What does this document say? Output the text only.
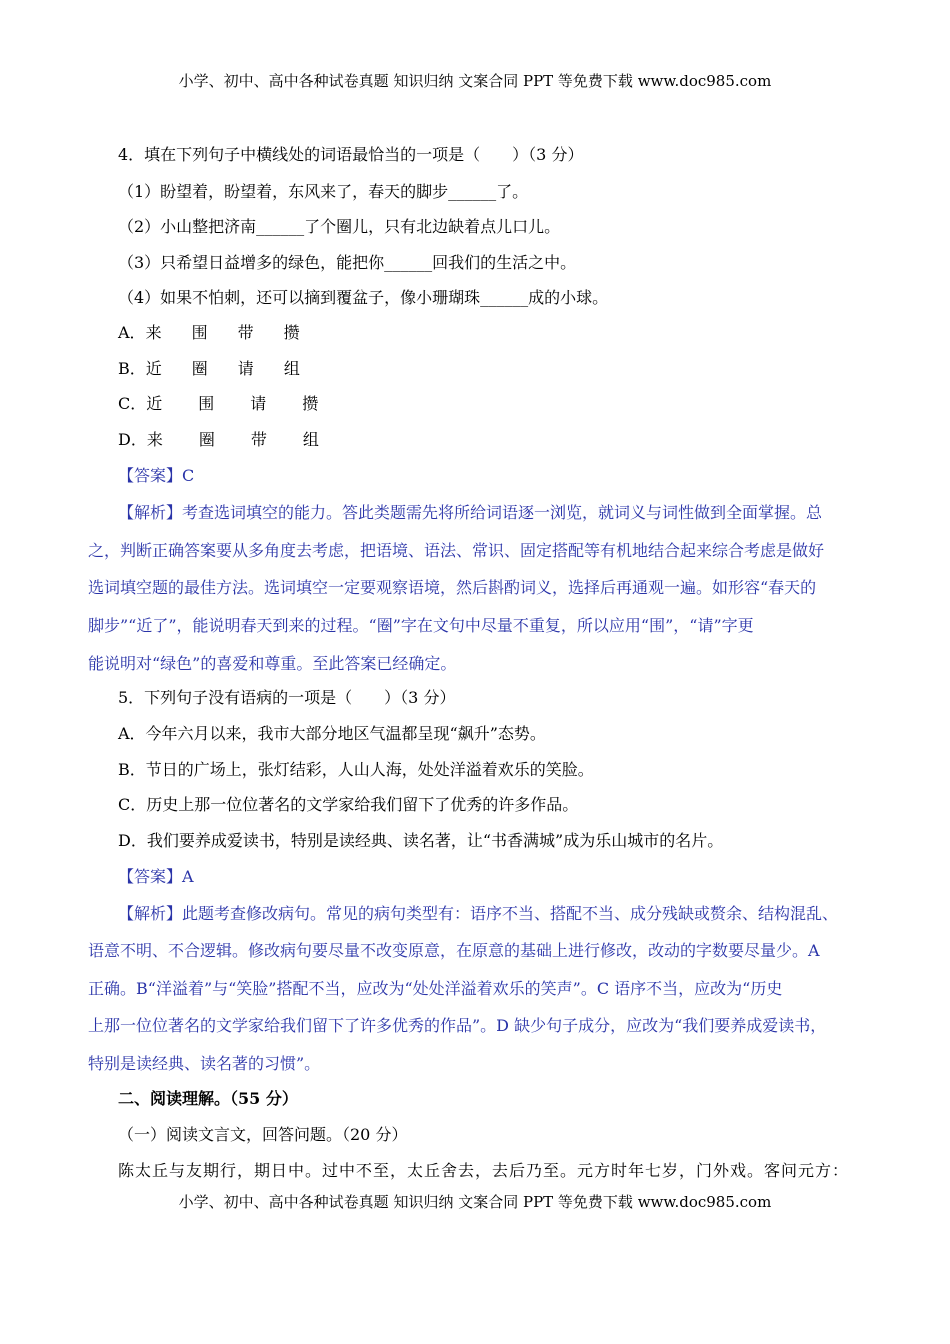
小学、初中、高中各种试卷真题 知识归纳 文案合同 PPT 等免费下载 www.doc985.com
4．填在下列句子中横线处的词语最恰当的一项是（　　）（3 分）
（1）盼望着，盼望着，东风来了，春天的脚步______了。
（2）小山整把济南______了个圈儿，只有北边缺着点儿口儿。
（3）只希望日益增多的绿色，能把你______回我们的生活之中。
（4）如果不怕刺，还可以摘到覆盆子，像小珊瑚珠______成的小球。
A．来 围 带 攒
B．近 圈 请 组
C．近 围 请 攒
D．来 圈 带 组
【答案】C
【解析】考查选词填空的能力。答此类题需先将所给词语逐一浏览，就词义与词性做到全面掌握。总
之，判断正确答案要从多角度去考虑，把语境、语法、常识、固定搭配等有机地结合起来综合考虑是做好
选词填空题的最佳方法。选词填空一定要观察语境，然后斟酌词义，选择后再通观一遍。如形容“春天的
脚步”“近了”，能说明春天到来的过程。“圈”字在文句中尽量不重复，所以应用“围”，“请”字更
能说明对“绿色”的喜爱和尊重。至此答案已经确定。
5．下列句子没有语病的一项是（　　）（3 分）
A．今年六月以来，我市大部分地区气温都呈现“飙升”态势。
B．节日的广场上，张灯结彩，人山人海，处处洋溢着欢乐的笑脸。
C．历史上那一位位著名的文学家给我们留下了优秀的许多作品。
D．我们要养成爱读书，特别是读经典、读名著，让“书香满城”成为乐山城市的名片。
【答案】A
【解析】此题考查修改病句。常见的病句类型有：语序不当、搭配不当、成分残缺或赘余、结构混乱、
语意不明、不合逻辑。修改病句要尽量不改变原意，在原意的基础上进行修改，改动的字数要尽量少。A
正确。B“洋溢着”与“笑脸”搭配不当，应改为“处处洋溢着欢乐的笑声”。C 语序不当，应改为“历史
上那一位位著名的文学家给我们留下了许多优秀的作品”。D 缺少句子成分，应改为“我们要养成爱读书，
特别是读经典、读名著的习惯”。
二、阅读理解。（55 分）
（一）阅读文言文，回答问题。（20 分）
陈太丘与友期行，期日中。过中不至，太丘舍去，去后乃至。元方时年七岁，门外戏。客问元方：
小学、初中、高中各种试卷真题 知识归纳 文案合同 PPT 等免费下载 www.doc985.com
